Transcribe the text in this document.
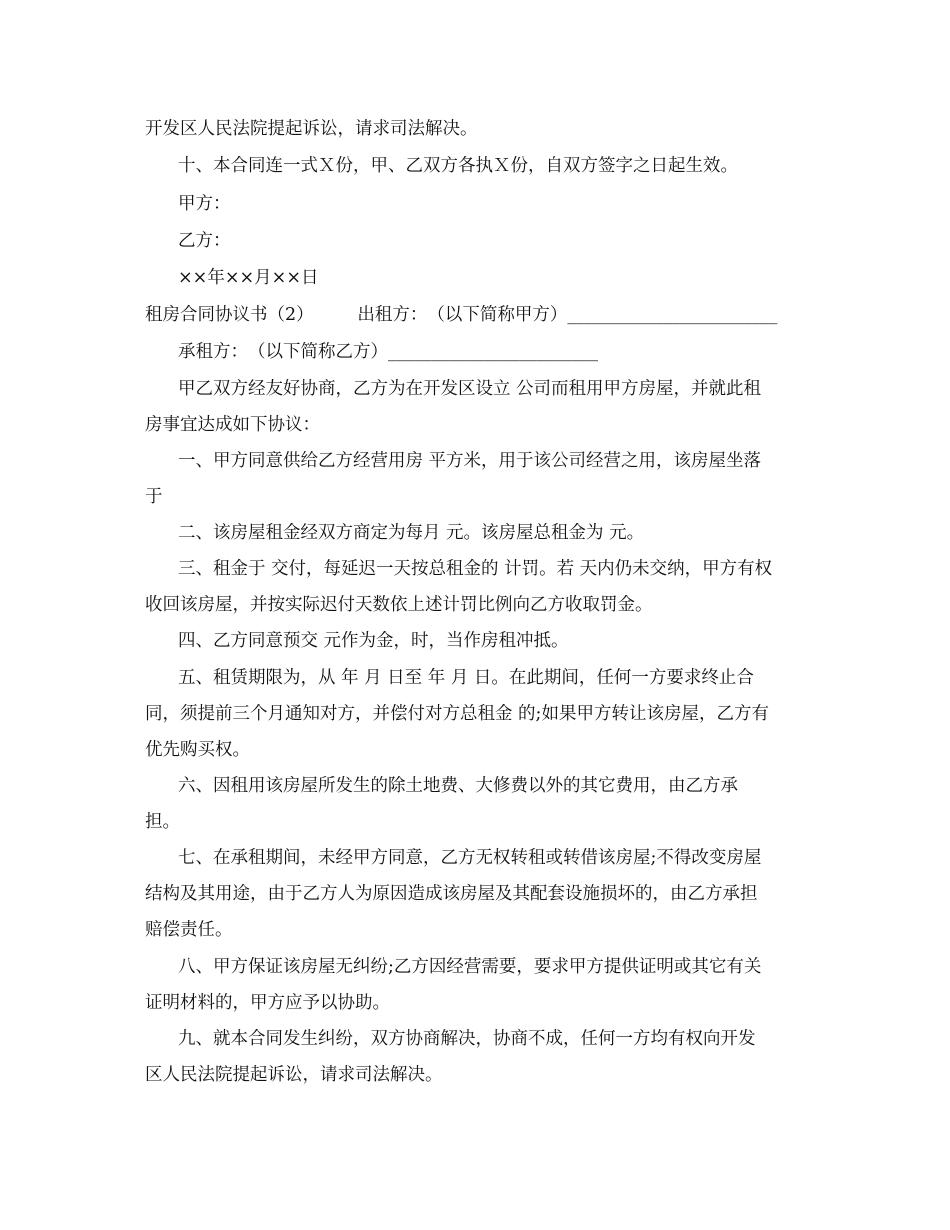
开发区人民法院提起诉讼，请求司法解决。
十、本合同连一式Ｘ份，甲、乙双方各执Ｘ份，自双方签字之日起生效。
甲方：
乙方：
××年××月××日
租房合同协议书（2）　　　出租方：　（以下简称甲方）________________________
承租方：　（以下简称乙方）________________________
甲乙双方经友好协商，乙方为在开发区设立 公司而租用甲方房屋，并就此租
房事宜达成如下协议：
一、甲方同意供给乙方经营用房 平方米，用于该公司经营之用，该房屋坐落
于
二、该房屋租金经双方商定为每月 元。该房屋总租金为 元。
三、租金于 交付，每延迟一天按总租金的 计罚。若 天内仍未交纳，甲方有权
收回该房屋，并按实际迟付天数依上述计罚比例向乙方收取罚金。
四、乙方同意预交 元作为金，时，当作房租冲抵。
五、租赁期限为，从 年 月 日至 年 月 日。在此期间，任何一方要求终止合
同，须提前三个月通知对方，并偿付对方总租金 的;如果甲方转让该房屋，乙方有
优先购买权。
六、因租用该房屋所发生的除土地费、大修费以外的其它费用，由乙方承
担。
七、在承租期间，未经甲方同意，乙方无权转租或转借该房屋;不得改变房屋
结构及其用途，由于乙方人为原因造成该房屋及其配套设施损坏的，由乙方承担
赔偿责任。
八、甲方保证该房屋无纠纷;乙方因经营需要，要求甲方提供证明或其它有关
证明材料的，甲方应予以协助。
九、就本合同发生纠纷，双方协商解决，协商不成，任何一方均有权向开发
区人民法院提起诉讼，请求司法解决。
